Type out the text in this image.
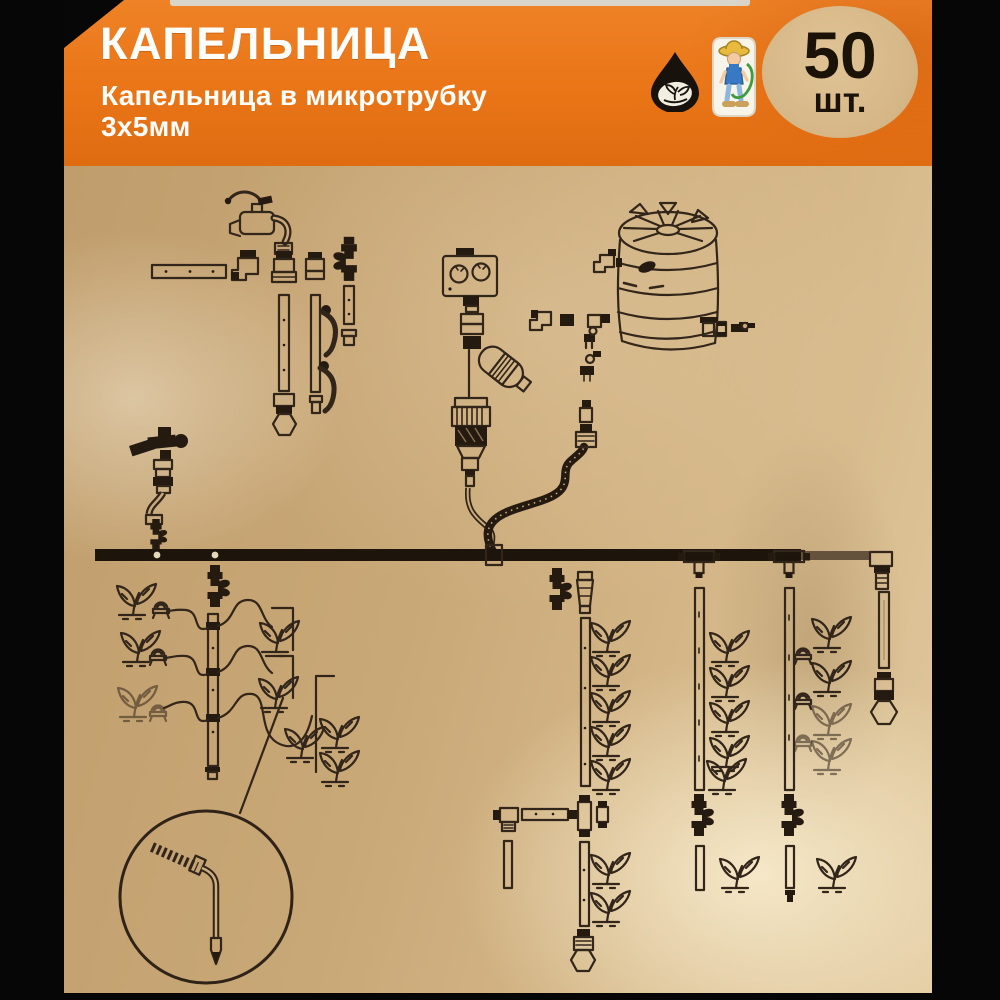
КАПЕЛЬНИЦА
Капельница в микротрубку
3х5мм
50
шт.
